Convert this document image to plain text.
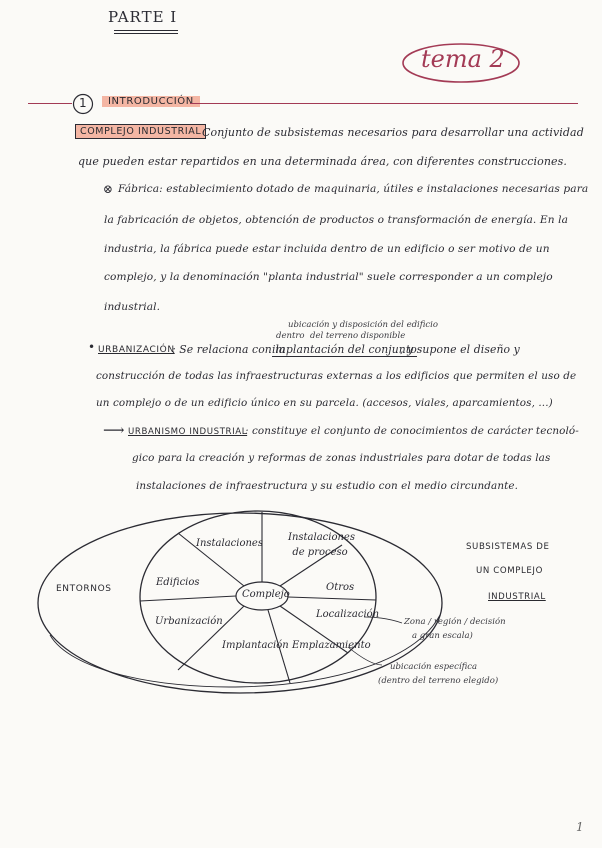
PARTE I
tema 2
1	INTRODUCCIÓN
COMPLEJO INDUSTRIAL Conjunto de subsistemas necesarios para desarrollar una actividad
que pueden estar repartidos en una determinada área, con diferentes construcciones.
⊗ Fábrica: establecimiento dotado de maquinaria, útiles e instalaciones necesarias para
la fabricación de objetos, obtención de productos o transformación de energía. En la
industria, la fábrica puede estar incluida dentro de un edificio o ser motivo de un
complejo, y la denominación "planta industrial" suele corresponder a un complejo
industrial.
ubicación y disposición del edificio
dentro del terreno disponible
• URBANIZACIÓN
: Se relaciona con la
implantación del conjunto
, y supone el diseño y
construcción de todas las infraestructuras externas a los edificios que permiten el uso de
un complejo o de un edificio único en su parcela. (accesos, viales, aparcamientos, ...)
⟶ URBANISMO INDUSTRIAL
: constituye el conjunto de conocimientos de carácter tecnoló-
gico para la creación y reformas de zonas industriales para dotar de todas las
instalaciones de infraestructura y su estudio con el medio circundante.
ENTORNOS	Complejo
Instalaciones
Instalaciones de proceso
Otros
Localización
Emplazamiento
Implantación
Urbanización
Edificios
Zona / región / decisión
a gran escala)
ubicación específica
(dentro del terreno elegido)
SUBSISTEMAS DE
UN COMPLEJO
INDUSTRIAL
1
